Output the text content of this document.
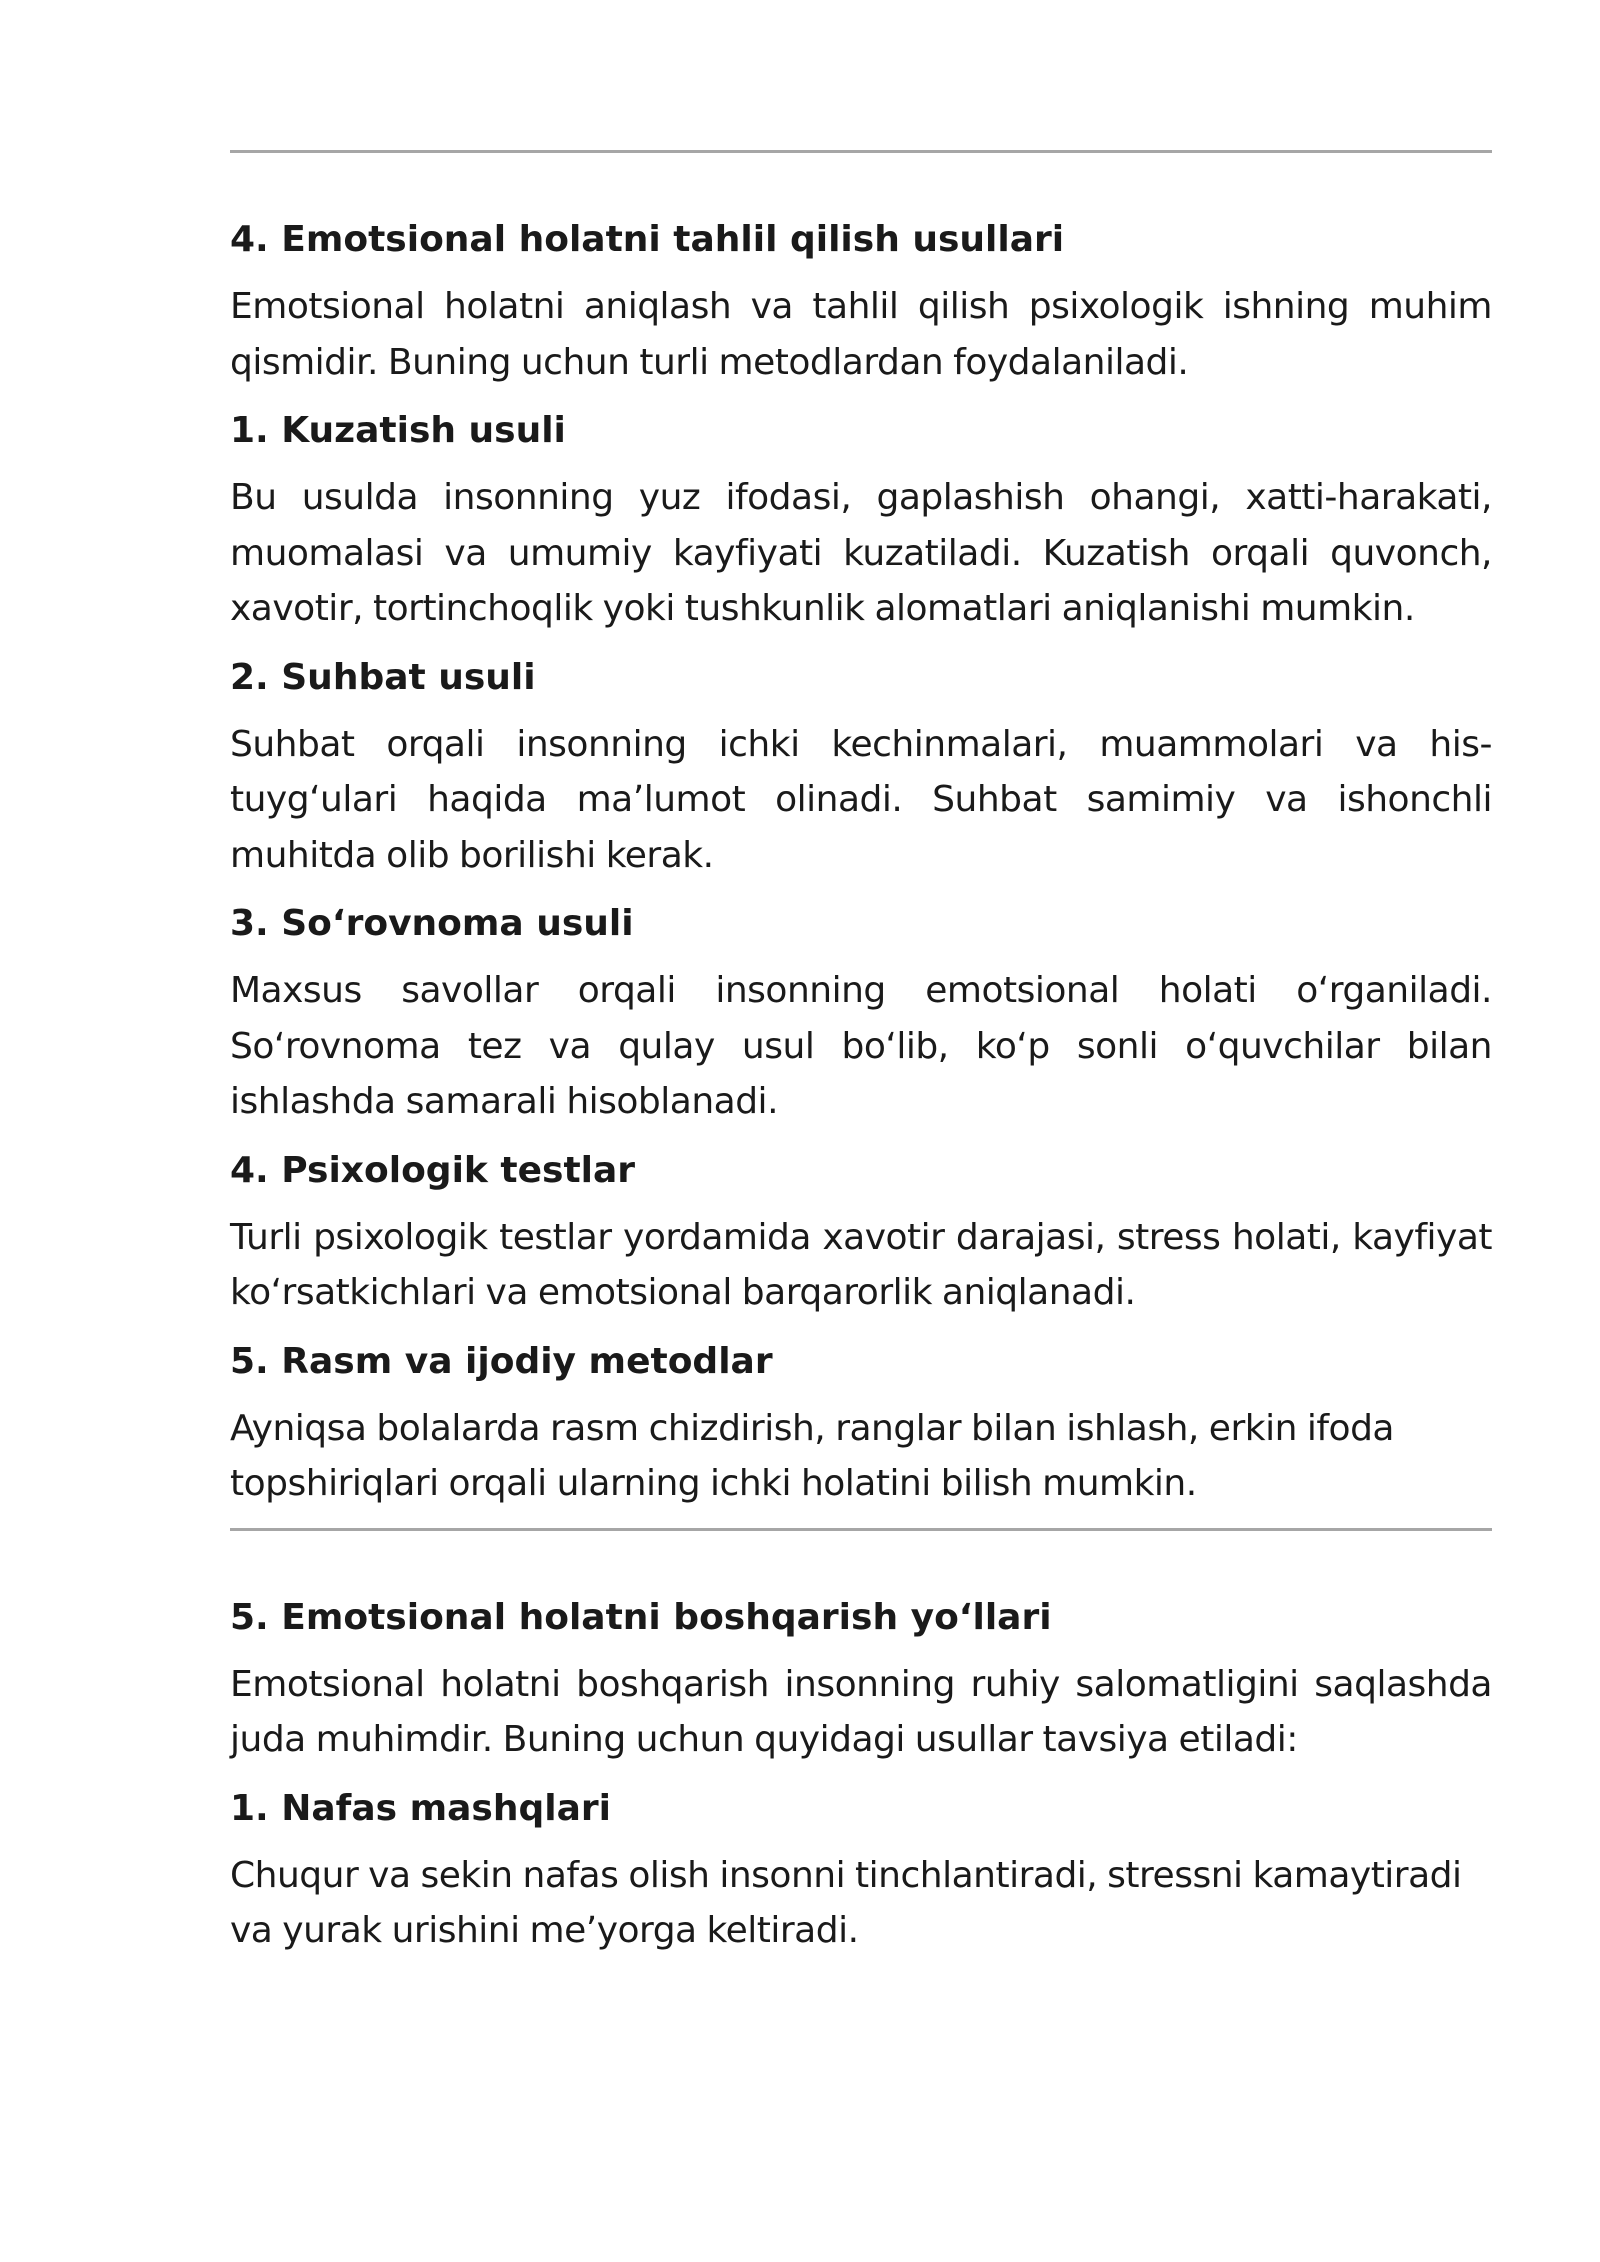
4. Emotsional holatni tahlil qilish usullari

Emotsional holatni aniqlash va tahlil qilish psixologik ishning muhim qismidir. Buning uchun turli metodlardan foydalaniladi.

1. Kuzatish usuli

Bu usulda insonning yuz ifodasi, gaplashish ohangi, xatti-harakati, muomalasi va umumiy kayfiyati kuzatiladi. Kuzatish orqali quvonch, xavotir, tortinchoqlik yoki tushkunlik alomatlari aniqlanishi mumkin.

2. Suhbat usuli

Suhbat orqali insonning ichki kechinmalari, muammolari va his-tuyg‘ulari haqida ma’lumot olinadi. Suhbat samimiy va ishonchli muhitda olib borilishi kerak.

3. So‘rovnoma usuli

Maxsus savollar orqali insonning emotsional holati o‘rganiladi. So‘rovnoma tez va qulay usul bo‘lib, ko‘p sonli o‘quvchilar bilan ishlashda samarali hisoblanadi.

4. Psixologik testlar

Turli psixologik testlar yordamida xavotir darajasi, stress holati, kayfiyat ko‘rsatkichlari va emotsional barqarorlik aniqlanadi.

5. Rasm va ijodiy metodlar

Ayniqsa bolalarda rasm chizdirish, ranglar bilan ishlash, erkin ifoda topshiriqlari orqali ularning ichki holatini bilish mumkin.

5. Emotsional holatni boshqarish yo‘llari

Emotsional holatni boshqarish insonning ruhiy salomatligini saqlashda juda muhimdir. Buning uchun quyidagi usullar tavsiya etiladi:

1. Nafas mashqlari

Chuqur va sekin nafas olish insonni tinchlantiradi, stressni kamaytiradi va yurak urishini me’yorga keltiradi.
